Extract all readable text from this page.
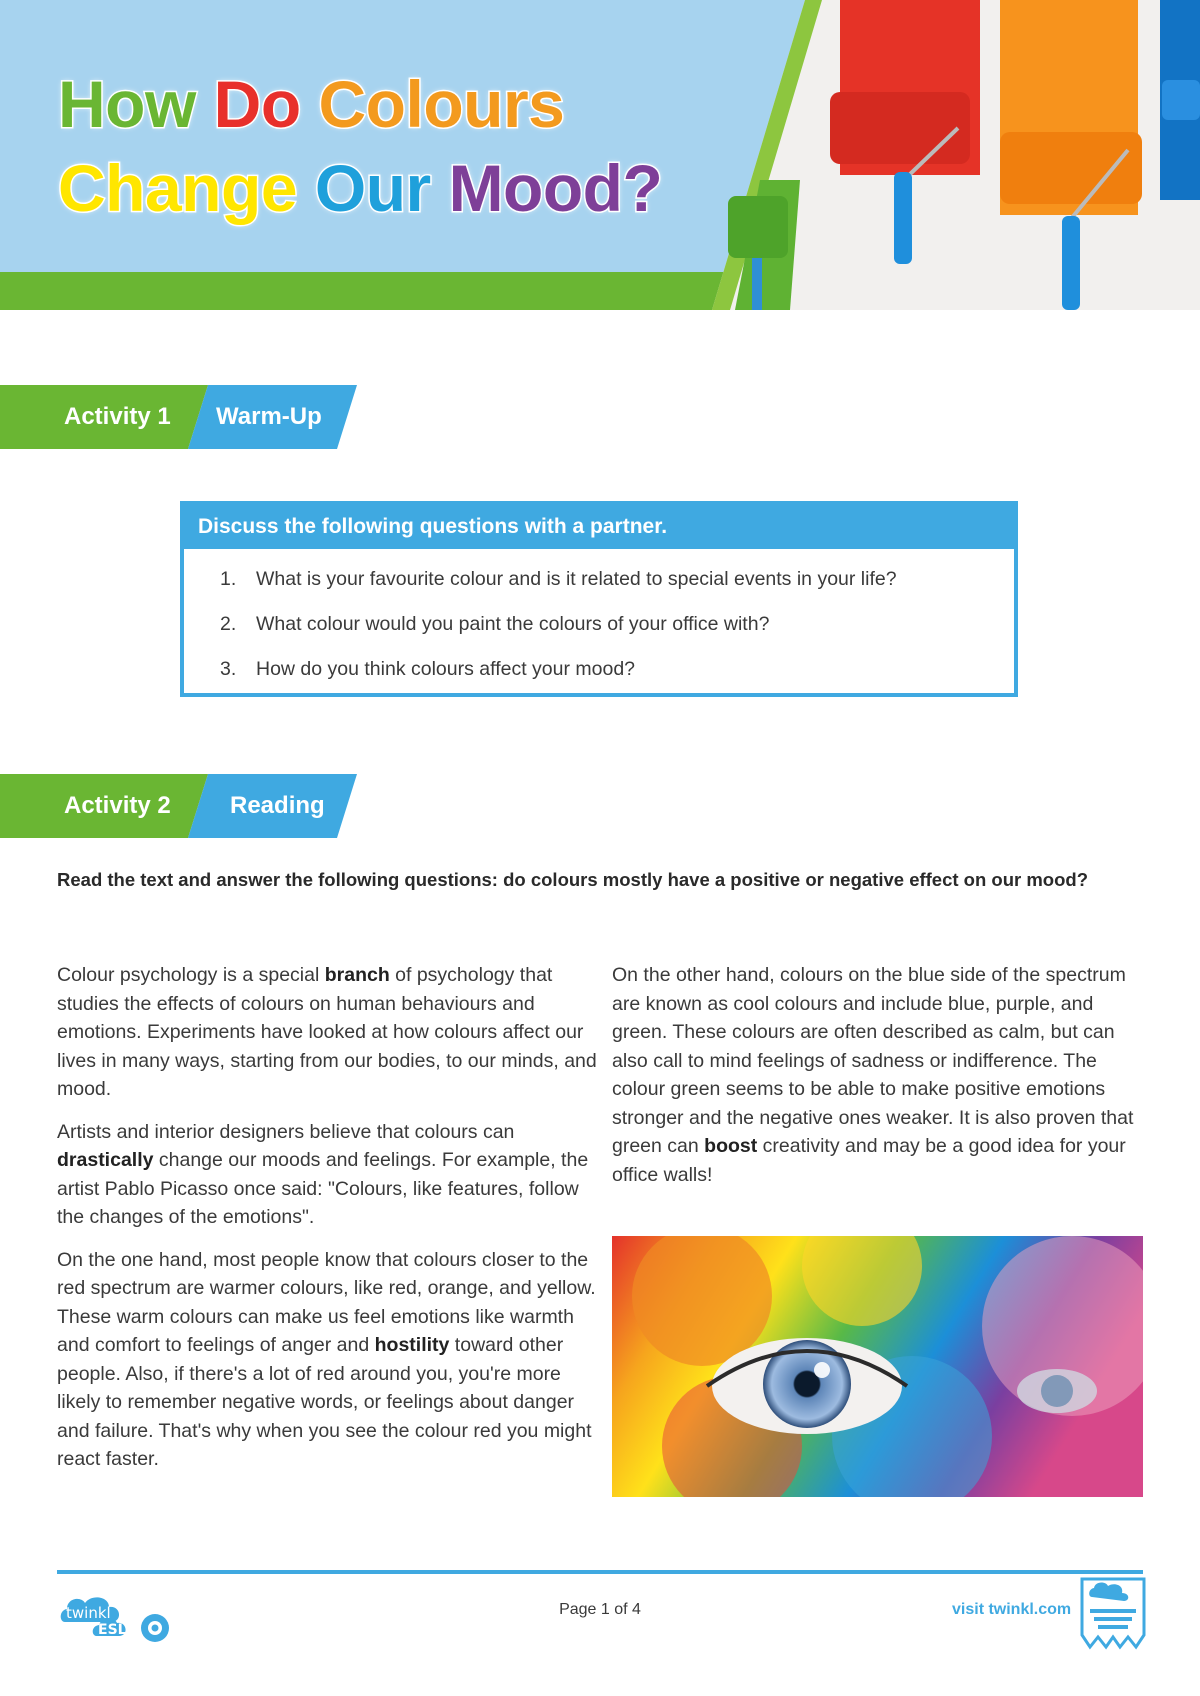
How Do Colours
Change Our Mood?
Activity 1 Warm-Up
Discuss the following questions with a partner.
1. What is your favourite colour and is it related to special events in your life?
2. What colour would you paint the colours of your office with?
3. How do you think colours affect your mood?
Activity 2 Reading

Read the text and answer the following questions: do colours mostly have a positive or negative effect on our mood?

Colour psychology is a special branch of psychology that studies the effects of colours on human behaviours and emotions. Experiments have looked at how colours affect our lives in many ways, starting from our bodies, to our minds, and mood.

Artists and interior designers believe that colours can drastically change our moods and feelings. For example, the artist Pablo Picasso once said: "Colours, like features, follow the changes of the emotions".

On the one hand, most people know that colours closer to the red spectrum are warmer colours, like red, orange, and yellow. These warm colours can make us feel emotions like warmth and comfort to feelings of anger and hostility toward other people. Also, if there's a lot of red around you, you're more likely to remember negative words, or feelings about danger and failure. That's why when you see the colour red you might react faster.

On the other hand, colours on the blue side of the spectrum are known as cool colours and include blue, purple, and green. These colours are often described as calm, but can also call to mind feelings of sadness or indifference. The colour green seems to be able to make positive emotions stronger and the negative ones weaker. It is also proven that green can boost creativity and may be a good idea for your office walls!

twinkl
ESL
Page 1 of 4	visit twinkl.com
